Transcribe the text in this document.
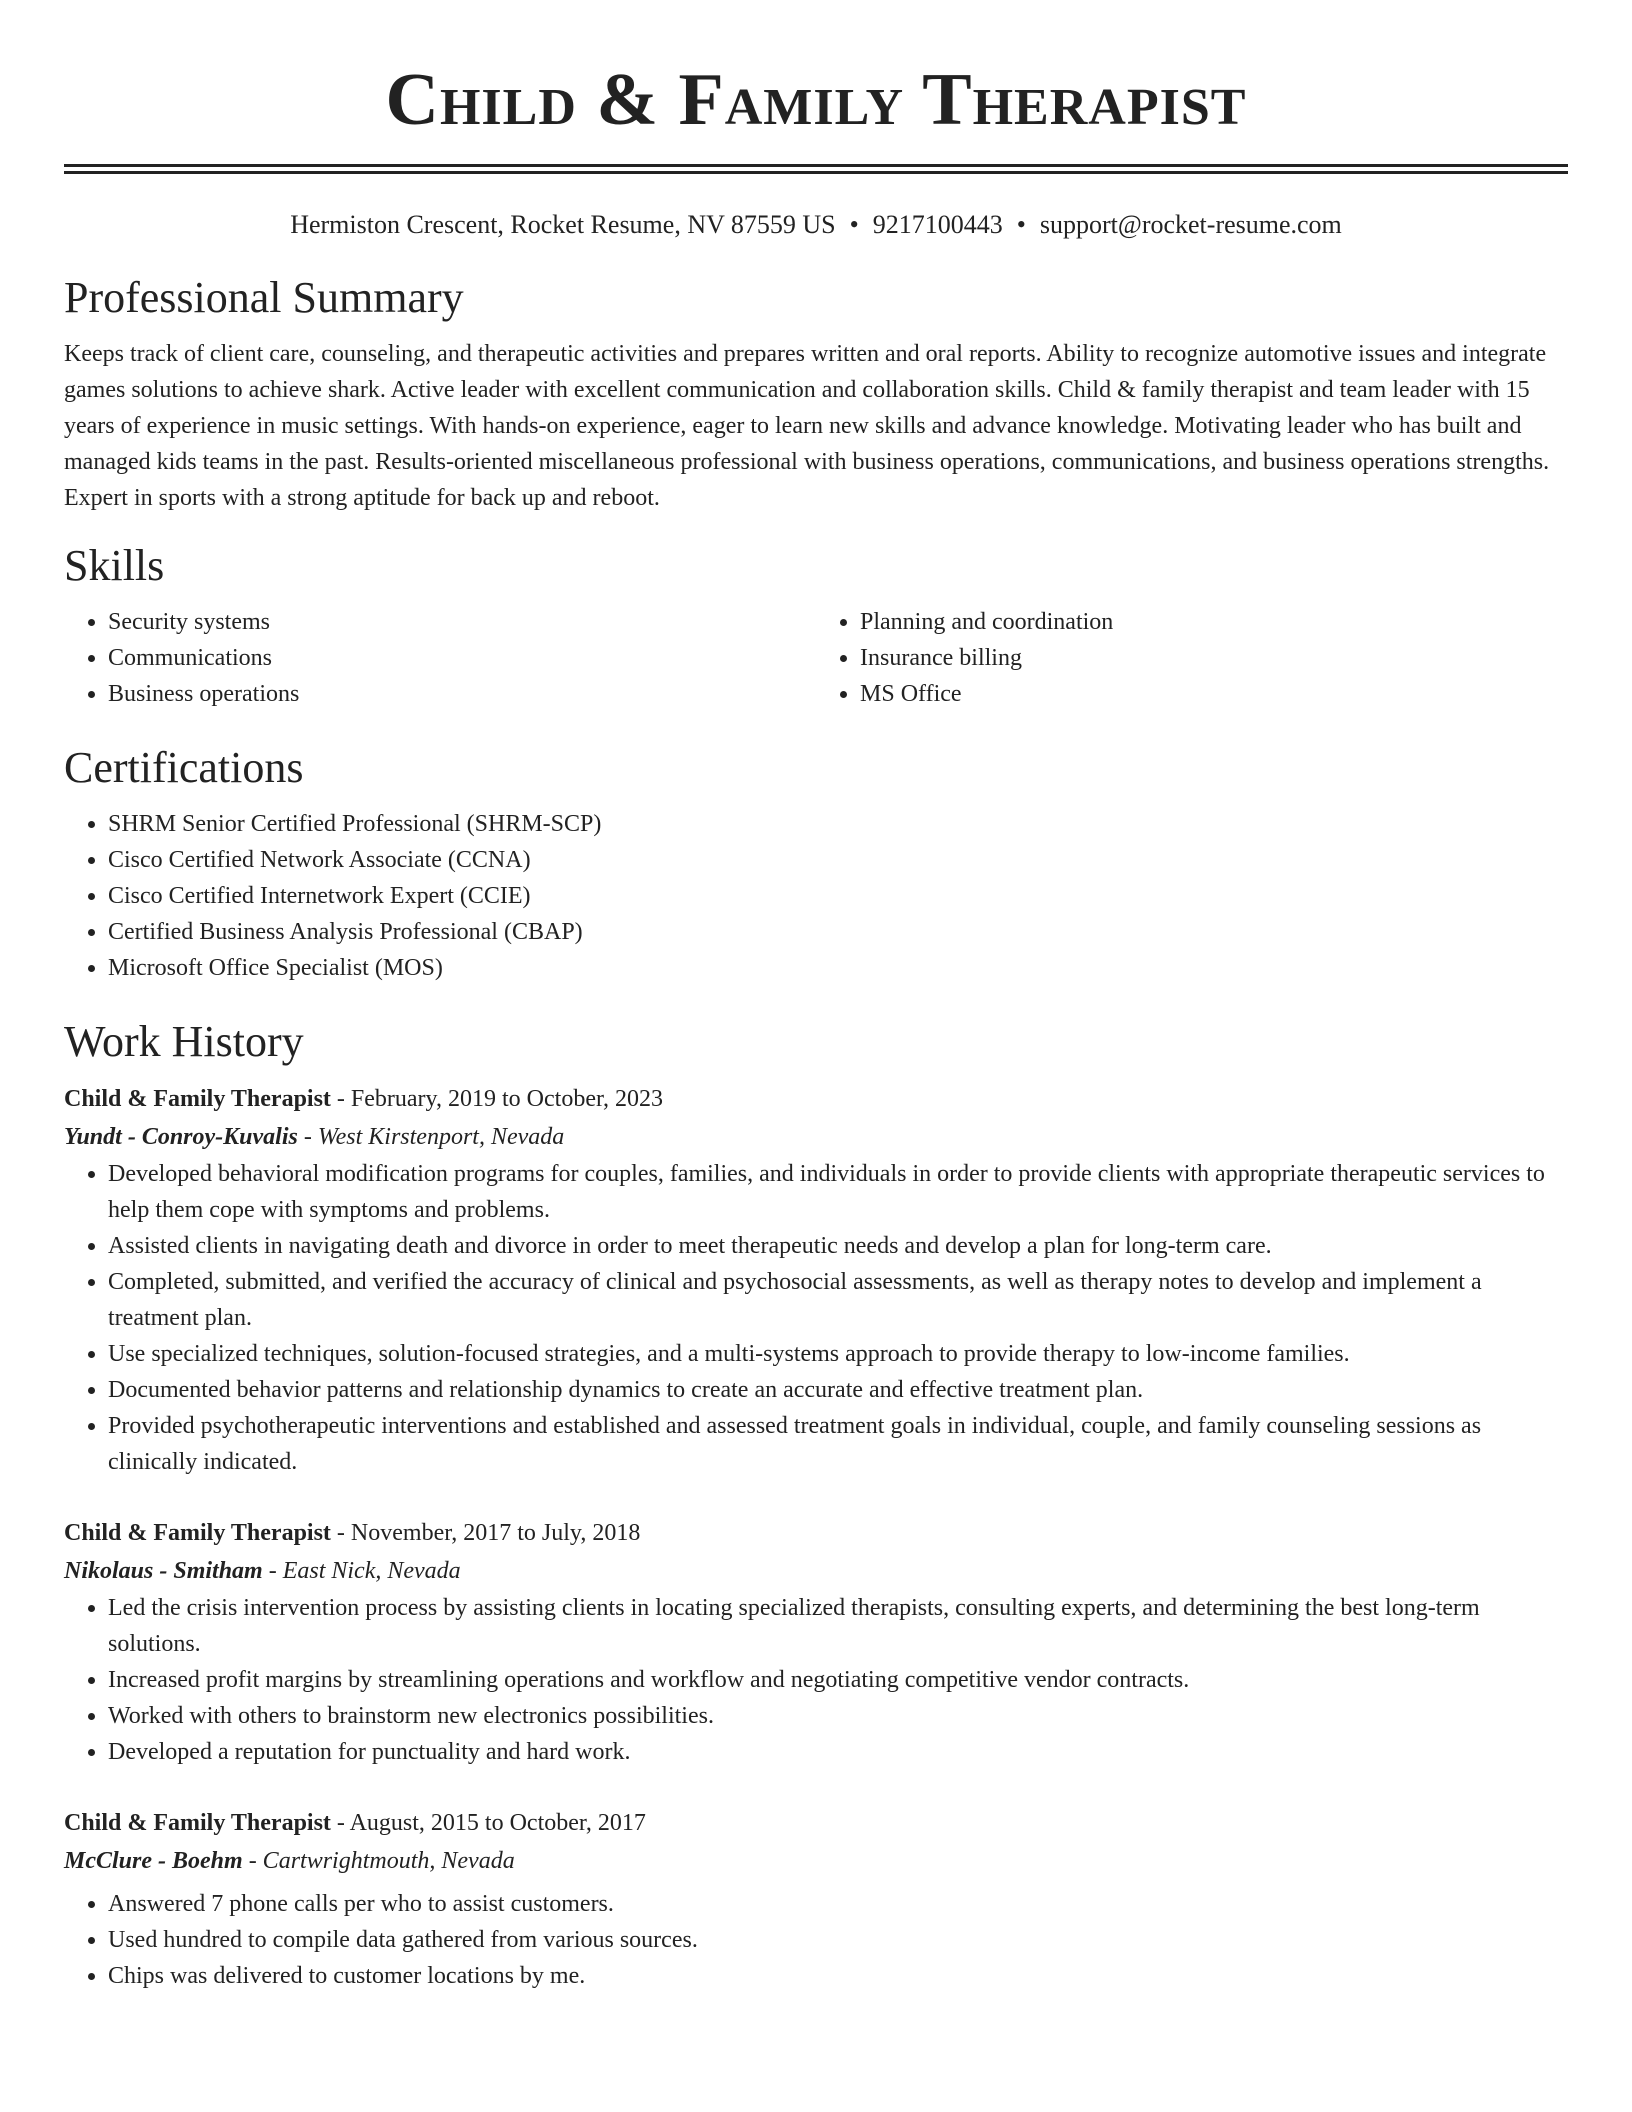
Child & Family Therapist
Hermiston Crescent, Rocket Resume, NV 87559 US • 9217100443 • support@rocket-resume.com
Professional Summary

Keeps track of client care, counseling, and therapeutic activities and prepares written and oral reports. Ability to recognize automotive issues and integrate games solutions to achieve shark. Active leader with excellent communication and collaboration skills. Child & family therapist and team leader with 15 years of experience in music settings. With hands-on experience, eager to learn new skills and advance knowledge. Motivating leader who has built and managed kids teams in the past. Results-oriented miscellaneous professional with business operations, communications, and business operations strengths. Expert in sports with a strong aptitude for back up and reboot.

Skills
• Security systems
• Communications
• Business operations
• Planning and coordination
• Insurance billing
• MS Office
Certifications
• SHRM Senior Certified Professional (SHRM-SCP)
• Cisco Certified Network Associate (CCNA)
• Cisco Certified Internetwork Expert (CCIE)
• Certified Business Analysis Professional (CBAP)
• Microsoft Office Specialist (MOS)
Work History
Child & Family Therapist - February, 2019 to October, 2023
Yundt - Conroy-Kuvalis - West Kirstenport, Nevada
• Developed behavioral modification programs for couples, families, and individuals in order to provide clients with appropriate therapeutic services to help them cope with symptoms and problems.
• Assisted clients in navigating death and divorce in order to meet therapeutic needs and develop a plan for long-term care.
• Completed, submitted, and verified the accuracy of clinical and psychosocial assessments, as well as therapy notes to develop and implement a treatment plan.
• Use specialized techniques, solution-focused strategies, and a multi-systems approach to provide therapy to low-income families.
• Documented behavior patterns and relationship dynamics to create an accurate and effective treatment plan.
• Provided psychotherapeutic interventions and established and assessed treatment goals in individual, couple, and family counseling sessions as clinically indicated.
Child & Family Therapist - November, 2017 to July, 2018
Nikolaus - Smitham - East Nick, Nevada
• Led the crisis intervention process by assisting clients in locating specialized therapists, consulting experts, and determining the best long-term solutions.
• Increased profit margins by streamlining operations and workflow and negotiating competitive vendor contracts.
• Worked with others to brainstorm new electronics possibilities.
• Developed a reputation for punctuality and hard work.
Child & Family Therapist - August, 2015 to October, 2017
McClure - Boehm - Cartwrightmouth, Nevada
• Answered 7 phone calls per who to assist customers.
• Used hundred to compile data gathered from various sources.
• Chips was delivered to customer locations by me.
